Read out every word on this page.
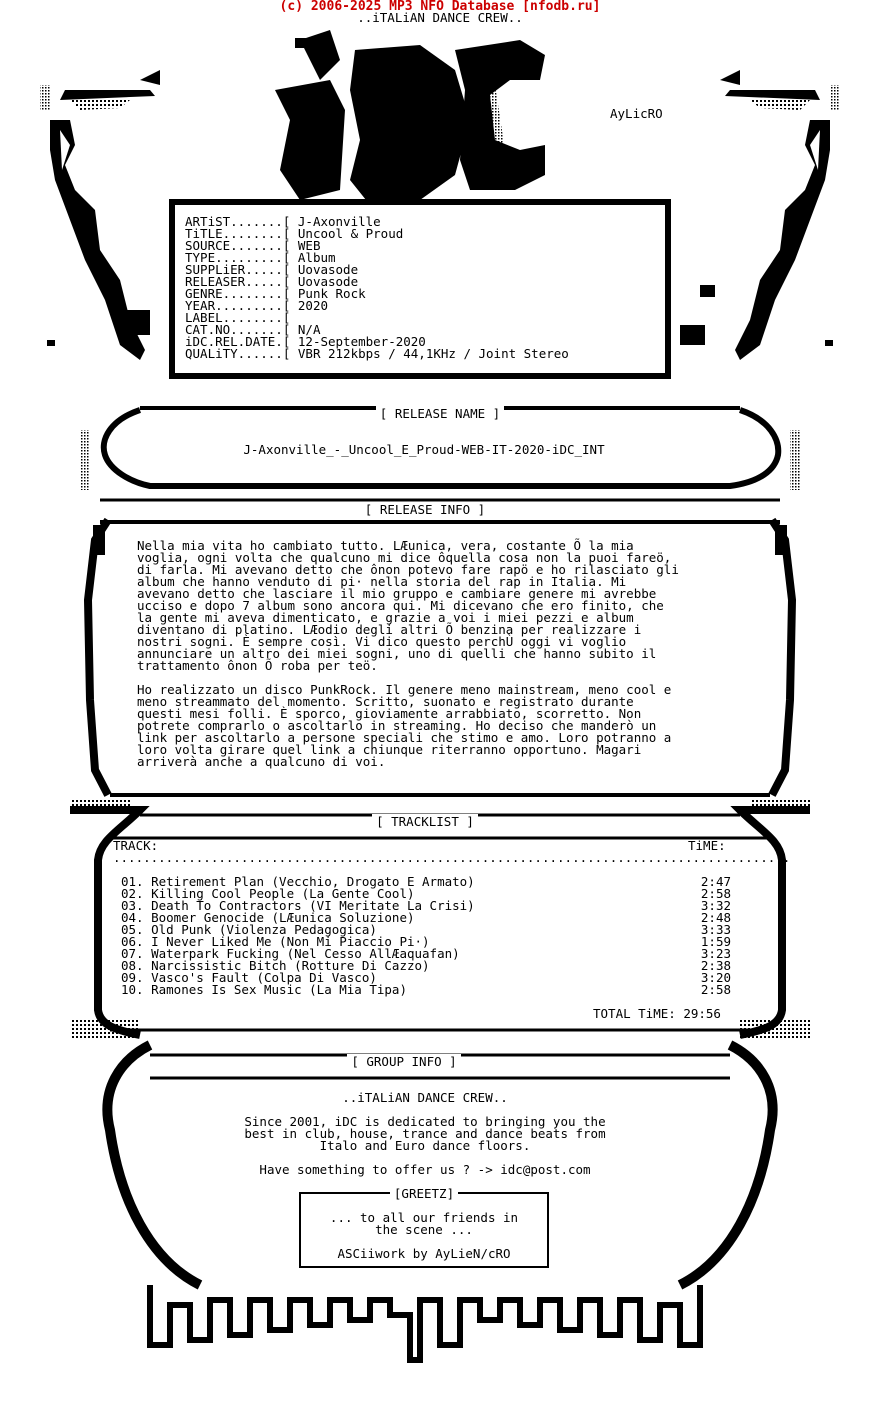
(c) 2006-2025 MP3 NFO Database [nfodb.ru]
..iTALiAN DANCE CREW..
AyLicRO
ARTiST.......[ J-Axonville
TiTLE........[ Uncool & Proud
SOURCE.......[ WEB
TYPE.........[ Album
SUPPLiER.....[ Uovasode
RELEASER.....[ Uovasode
GENRE........[ Punk Rock
YEAR.........[ 2020
LABEL........[
CAT.NO.......[ N/A
iDC.REL.DATE.[ 12-September-2020
QUALiTY......[ VBR 212kbps / 44,1KHz / Joint Stereo
[ RELEASE NAME ]
J-Axonville_-_Uncool_E_Proud-WEB-IT-2020-iDC_INT
[ RELEASE INFO ]
Nella mia vita ho cambiato tutto. LÆunica, vera, costante Õ la mia
voglia, ogni volta che qualcuno mi dice ôquella cosa non la puoi fareö,
di farla. Mi avevano detto che ônon potevo fare rapö e ho rilasciato gli
album che hanno venduto di pi· nella storia del rap in Italia. Mi
avevano detto che lasciare il mio gruppo e cambiare genere mi avrebbe
ucciso e dopo 7 album sono ancora qui. Mi dicevano che ero finito, che
la gente mi aveva dimenticato, e grazie a voi i miei pezzi e album
diventano di platino. LÆodio degli altri Õ benzina per realizzare i
nostri sogni. È sempre così. Vi dico questo perchÙ oggi vi voglio
annunciare un altro dei miei sogni, uno di quelli che hanno subito il
trattamento ônon Õ roba per teö.
Ho realizzato un disco PunkRock. Il genere meno mainstream, meno cool e
meno streammato del momento. Scritto, suonato e registrato durante
questi mesi folli. È sporco, gioviamente arrabbiato, scorretto. Non
potrete comprarlo o ascoltarlo in streaming. Ho deciso che manderò un
link per ascoltarlo a persone speciali che stimo e amo. Loro potranno a
loro volta girare quel link a chiunque riterranno opportuno. Magari
arriverà anche a qualcuno di voi.
[ TRACKLIST ]
TRACK:	TiME:
..........................................................................................
01. Retirement Plan (Vecchio, Drogato E Armato)	2:47
02. Killing Cool People (La Gente Cool)	2:58
03. Death To Contractors (VI Meritate La Crisi)	3:32
04. Boomer Genocide (LÆunica Soluzione)	2:48
05. Old Punk (Violenza Pedagogica)	3:33
06. I Never Liked Me (Non Mi Piaccio Pi·)	1:59
07. Waterpark Fucking (Nel Cesso AllÆaquafan)	3:23
08. Narcissistic Bitch (Rotture Di Cazzo)	2:38
09. Vasco's Fault (Colpa Di Vasco)	3:20
10. Ramones Is Sex Music (La Mia Tipa)	2:58
TOTAL TiME: 29:56
[ GROUP INFO ]
..iTALiAN DANCE CREW..
Since 2001, iDC is dedicated to bringing you the
best in club, house, trance and dance beats from
Italo and Euro dance floors.
Have something to offer us ? -> idc@post.com
[GREETZ]
... to all our friends in
the scene ...
ASCiiwork by AyLieN/cRO
